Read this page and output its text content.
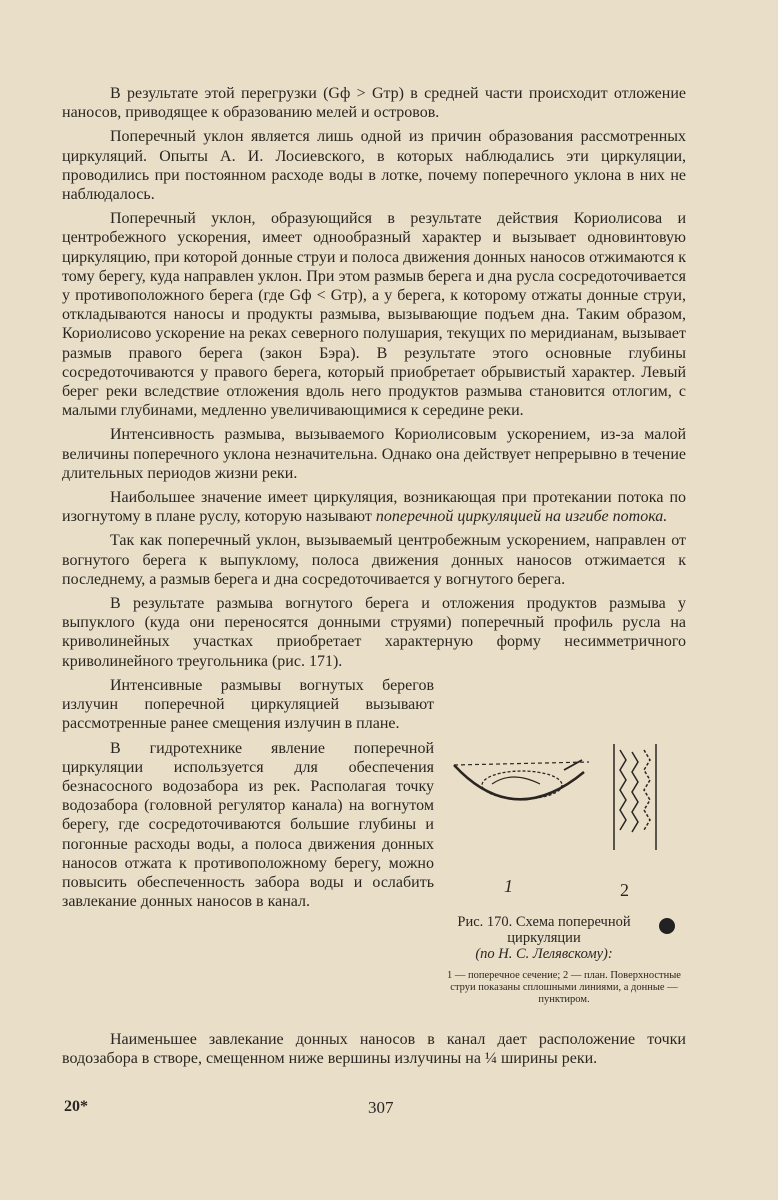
В результате этой перегрузки (Gф > Gтр) в средней части происходит отложение наносов, приводящее к образованию мелей и островов.

Поперечный уклон является лишь одной из причин образования рассмотренных циркуляций. Опыты А. И. Лосиевского, в которых наблюдались эти циркуляции, проводились при постоянном расходе воды в лотке, почему поперечного уклона в них не наблюдалось.

Поперечный уклон, образующийся в результате действия Кориолисова и центробежного ускорения, имеет однообразный характер и вызывает одновинтовую циркуляцию, при которой донные струи и полоса движения донных наносов отжимаются к тому берегу, куда направлен уклон. При этом размыв берега и дна русла сосредоточивается у противоположного берега (где Gф < Gтр), а у берега, к которому отжаты донные струи, откладываются наносы и продукты размыва, вызывающие подъем дна. Таким образом, Кориолисово ускорение на реках северного полушария, текущих по меридианам, вызывает размыв правого берега (закон Бэра). В результате этого основные глубины сосредоточиваются у правого берега, который приобретает обрывистый характер. Левый берег реки вследствие отложения вдоль него продуктов размыва становится отлогим, с малыми глубинами, медленно увеличивающимися к середине реки.

Интенсивность размыва, вызываемого Кориолисовым ускорением, из-за малой величины поперечного уклона незначительна. Однако она действует непрерывно в течение длительных периодов жизни реки.

Наибольшее значение имеет циркуляция, возникающая при протекании потока по изогнутому в плане руслу, которую называют поперечной циркуляцией на изгибе потока.

Так как поперечный уклон, вызываемый центробежным ускорением, направлен от вогнутого берега к выпуклому, полоса движения донных наносов отжимается к последнему, а размыв берега и дна сосредоточивается у вогнутого берега.

В результате размыва вогнутого берега и отложения продуктов размыва у выпуклого (куда они переносятся донными струями) поперечный профиль русла на криволинейных участках приобретает характерную форму несимметричного криволинейного треугольника (рис. 171).

Интенсивные размывы вогнутых берегов излучин поперечной циркуляцией вызывают рассмотренные ранее смещения излучин в плане.

В гидротехнике явление поперечной циркуляции используется для обеспечения безнасосного водозабора из рек. Располагая точку водозабора (головной регулятор канала) на вогнутом берегу, где сосредоточиваются большие глубины и погонные расходы воды, а полоса движения донных наносов отжата к противоположному берегу, можно повысить обеспеченность забора воды и ослабить завлекание донных наносов в канал.

1	2
Рис. 170. Схема поперечной циркуляции
(по Н. С. Лелявскому):
1 — поперечное сечение; 2 — план. Поверхностные струи показаны сплошными линиями, а донные — пунктиром.

Наименьшее завлекание донных наносов в канал дает расположение точки водозабора в створе, смещенном ниже вершины излучины на ¼ ширины реки.

20*	307
